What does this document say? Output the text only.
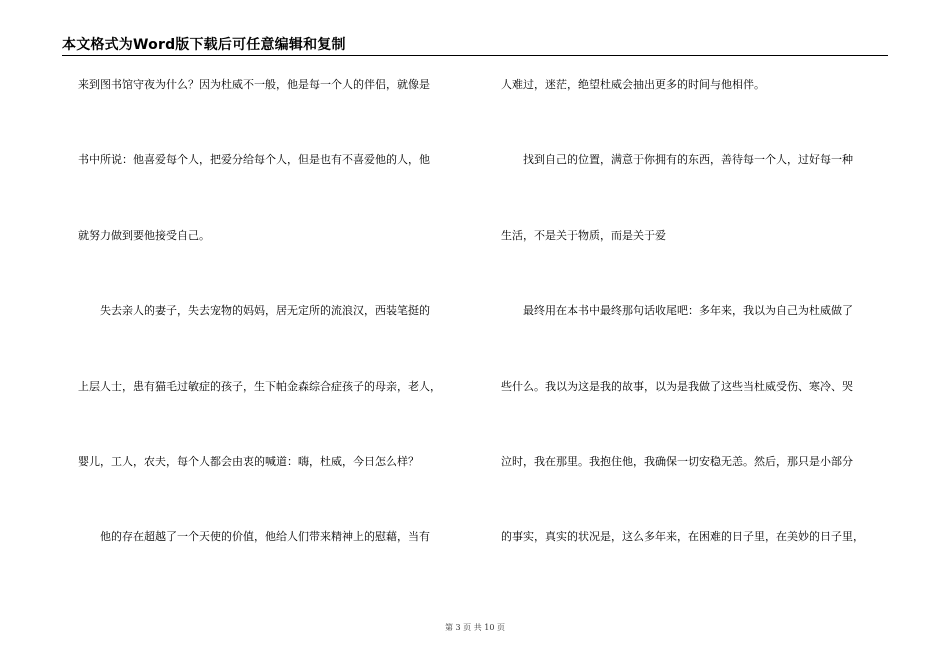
本文格式为Word版下载后可任意编辑和复制
来到图书馆守夜为什么？因为杜威不一般，他是每一个人的伴侣，就像是
书中所说：他喜爱每个人，把爱分给每个人，但是也有不喜爱他的人，他
就努力做到要他接受自己。
　　失去亲人的妻子，失去宠物的妈妈，居无定所的流浪汉，西装笔挺的
上层人士，患有猫毛过敏症的孩子，生下帕金森综合症孩子的母亲，老人，
婴儿，工人，农夫，每个人都会由衷的喊道：嗨，杜威，今日怎么样？
　　他的存在超越了一个天使的价值，他给人们带来精神上的慰藉，当有
人难过，迷茫，绝望杜威会抽出更多的时间与他相伴。
　　找到自己的位置，满意于你拥有的东西，善待每一个人，过好每一种
生活，不是关于物质，而是关于爱
　　最终用在本书中最终那句话收尾吧：多年来，我以为自己为杜威做了
些什么。我以为这是我的故事，以为是我做了这些当杜威受伤、寒冷、哭
泣时，我在那里。我抱住他，我确保一切安稳无恙。然后，那只是小部分
的事实，真实的状况是，这么多年来，在困难的日子里，在美妙的日子里，
第 3 页 共 10 页
